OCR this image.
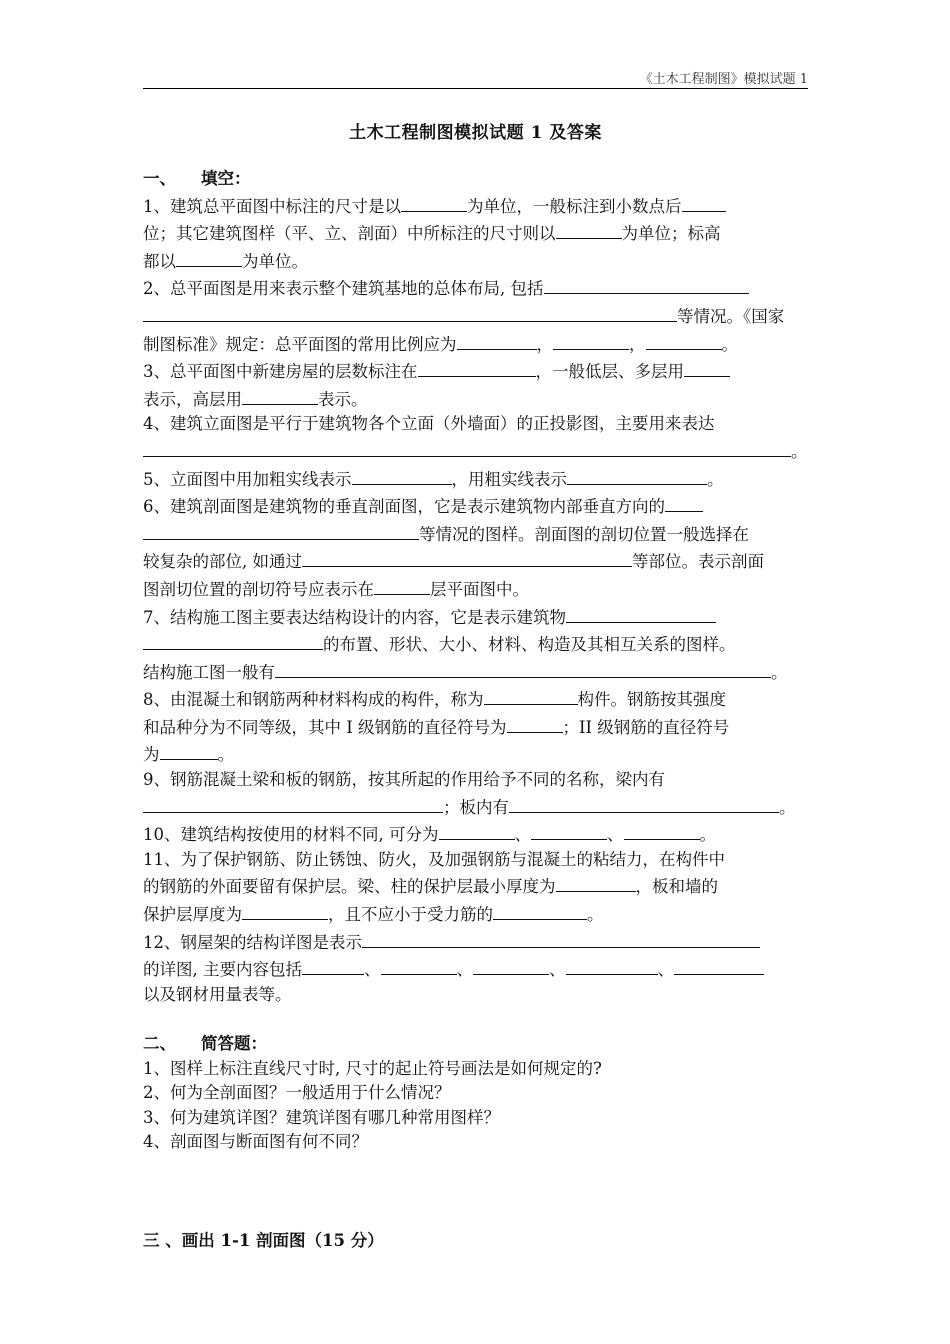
《土木工程制图》模拟试题 1
土木工程制图模拟试题 1 及答案
一、 填空：
1、建筑总平面图中标注的尺寸是以	为单位，一般标注到小数点后
位；其它建筑图样（平、立、剖面）中所标注的尺寸则以	为单位；标高
都以	为单位。
2、总平面图是用来表示整个建筑基地的总体布局, 包括
等情况。《国家
制图标准》规定：总平面图的常用比例应为	，	，	。
3、总平面图中新建房屋的层数标注在	，一般低层、多层用
表示，高层用	表示。
4、建筑立面图是平行于建筑物各个立面（外墙面）的正投影图，主要用来表达
。
5、立面图中用加粗实线表示	，用粗实线表示	。
6、建筑剖面图是建筑物的垂直剖面图，它是表示建筑物内部垂直方向的
等情况的图样。剖面图的剖切位置一般选择在
较复杂的部位, 如通过	等部位。表示剖面
图剖切位置的剖切符号应表示在	层平面图中。
7、结构施工图主要表达结构设计的内容，它是表示建筑物
的布置、形状、大小、材料、构造及其相互关系的图样。
结构施工图一般有	。
8、由混凝土和钢筋两种材料构成的构件，称为	构件。钢筋按其强度
和品种分为不同等级，其中 I 级钢筋的直径符号为	；II 级钢筋的直径符号
为	。
9、钢筋混凝土梁和板的钢筋，按其所起的作用给予不同的名称，梁内有
；板内有	。
10、建筑结构按使用的材料不同, 可分为	、	、	。
11、为了保护钢筋、防止锈蚀、防火，及加强钢筋与混凝土的粘结力，在构件中
的钢筋的外面要留有保护层。梁、柱的保护层最小厚度为	，板和墙的
保护层厚度为	，且不应小于受力筋的	。
12、钢屋架的结构详图是表示
的详图, 主要内容包括	、	、	、	、
以及钢材用量表等。
二、 简答题：
1、图样上标注直线尺寸时, 尺寸的起止符号画法是如何规定的?
2、何为全剖面图？一般适用于什么情况？
3、何为建筑详图？建筑详图有哪几种常用图样？
4、剖面图与断面图有何不同？
三 、画出 1-1 剖面图（15 分）
